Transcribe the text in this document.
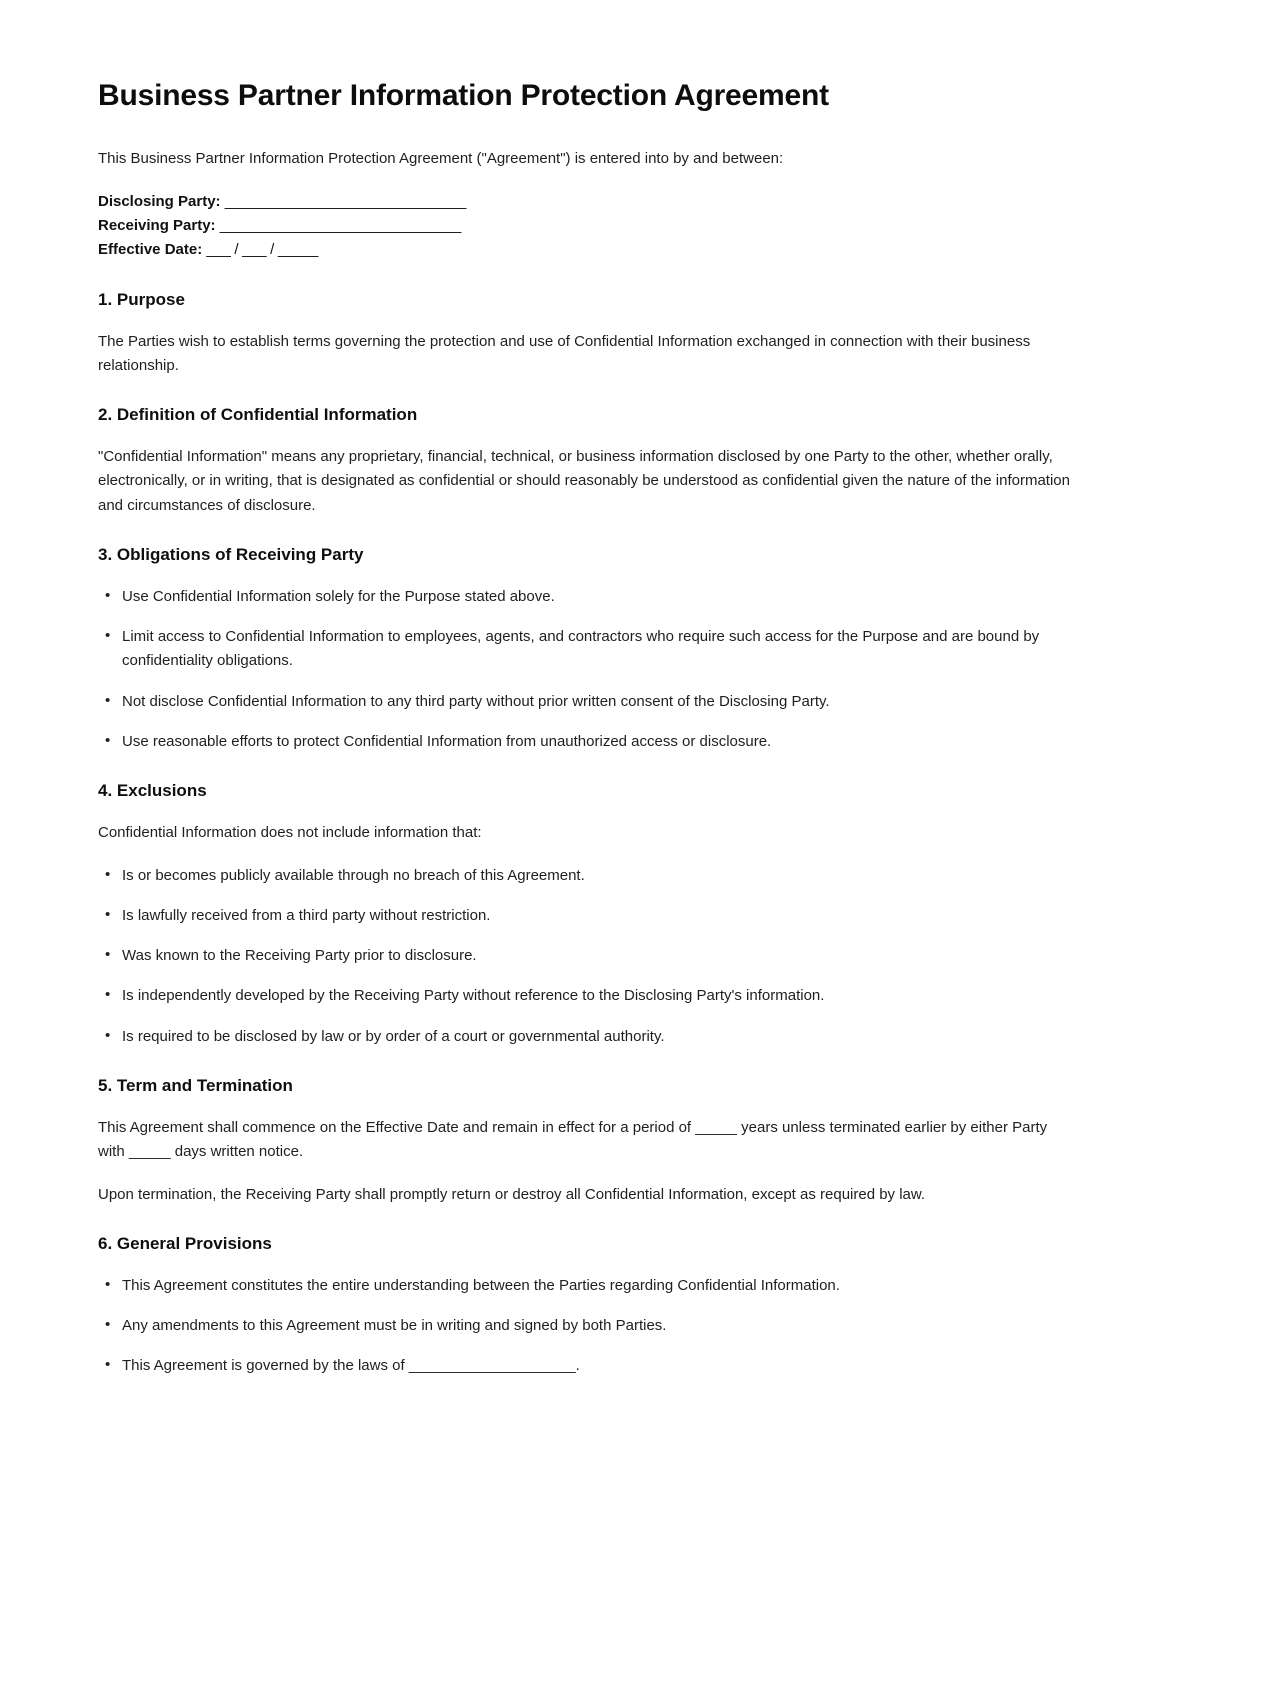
Business Partner Information Protection Agreement

This Business Partner Information Protection Agreement ("Agreement") is entered into by and between:

Disclosing Party: ______________________________

Receiving Party: ______________________________

Effective Date: ___ / ___ / _____

1. Purpose

The Parties wish to establish terms governing the protection and use of Confidential Information exchanged in connection with their business relationship.

2. Definition of Confidential Information

"Confidential Information" means any proprietary, financial, technical, or business information disclosed by one Party to the other, whether orally, electronically, or in writing, that is designated as confidential or should reasonably be understood as confidential given the nature of the information and circumstances of disclosure.

3. Obligations of Receiving Party
• Use Confidential Information solely for the Purpose stated above.
• Limit access to Confidential Information to employees, agents, and contractors who require such access for the Purpose and are bound by confidentiality obligations.
• Not disclose Confidential Information to any third party without prior written consent of the Disclosing Party.
• Use reasonable efforts to protect Confidential Information from unauthorized access or disclosure.
4. Exclusions

Confidential Information does not include information that:

• Is or becomes publicly available through no breach of this Agreement.
• Is lawfully received from a third party without restriction.
• Was known to the Receiving Party prior to disclosure.
• Is independently developed by the Receiving Party without reference to the Disclosing Party's information.
• Is required to be disclosed by law or by order of a court or governmental authority.
5. Term and Termination

This Agreement shall commence on the Effective Date and remain in effect for a period of _____ years unless terminated earlier by either Party with _____ days written notice.

Upon termination, the Receiving Party shall promptly return or destroy all Confidential Information, except as required by law.

6. General Provisions
• This Agreement constitutes the entire understanding between the Parties regarding Confidential Information.
• Any amendments to this Agreement must be in writing and signed by both Parties.
• This Agreement is governed by the laws of ____________________.
